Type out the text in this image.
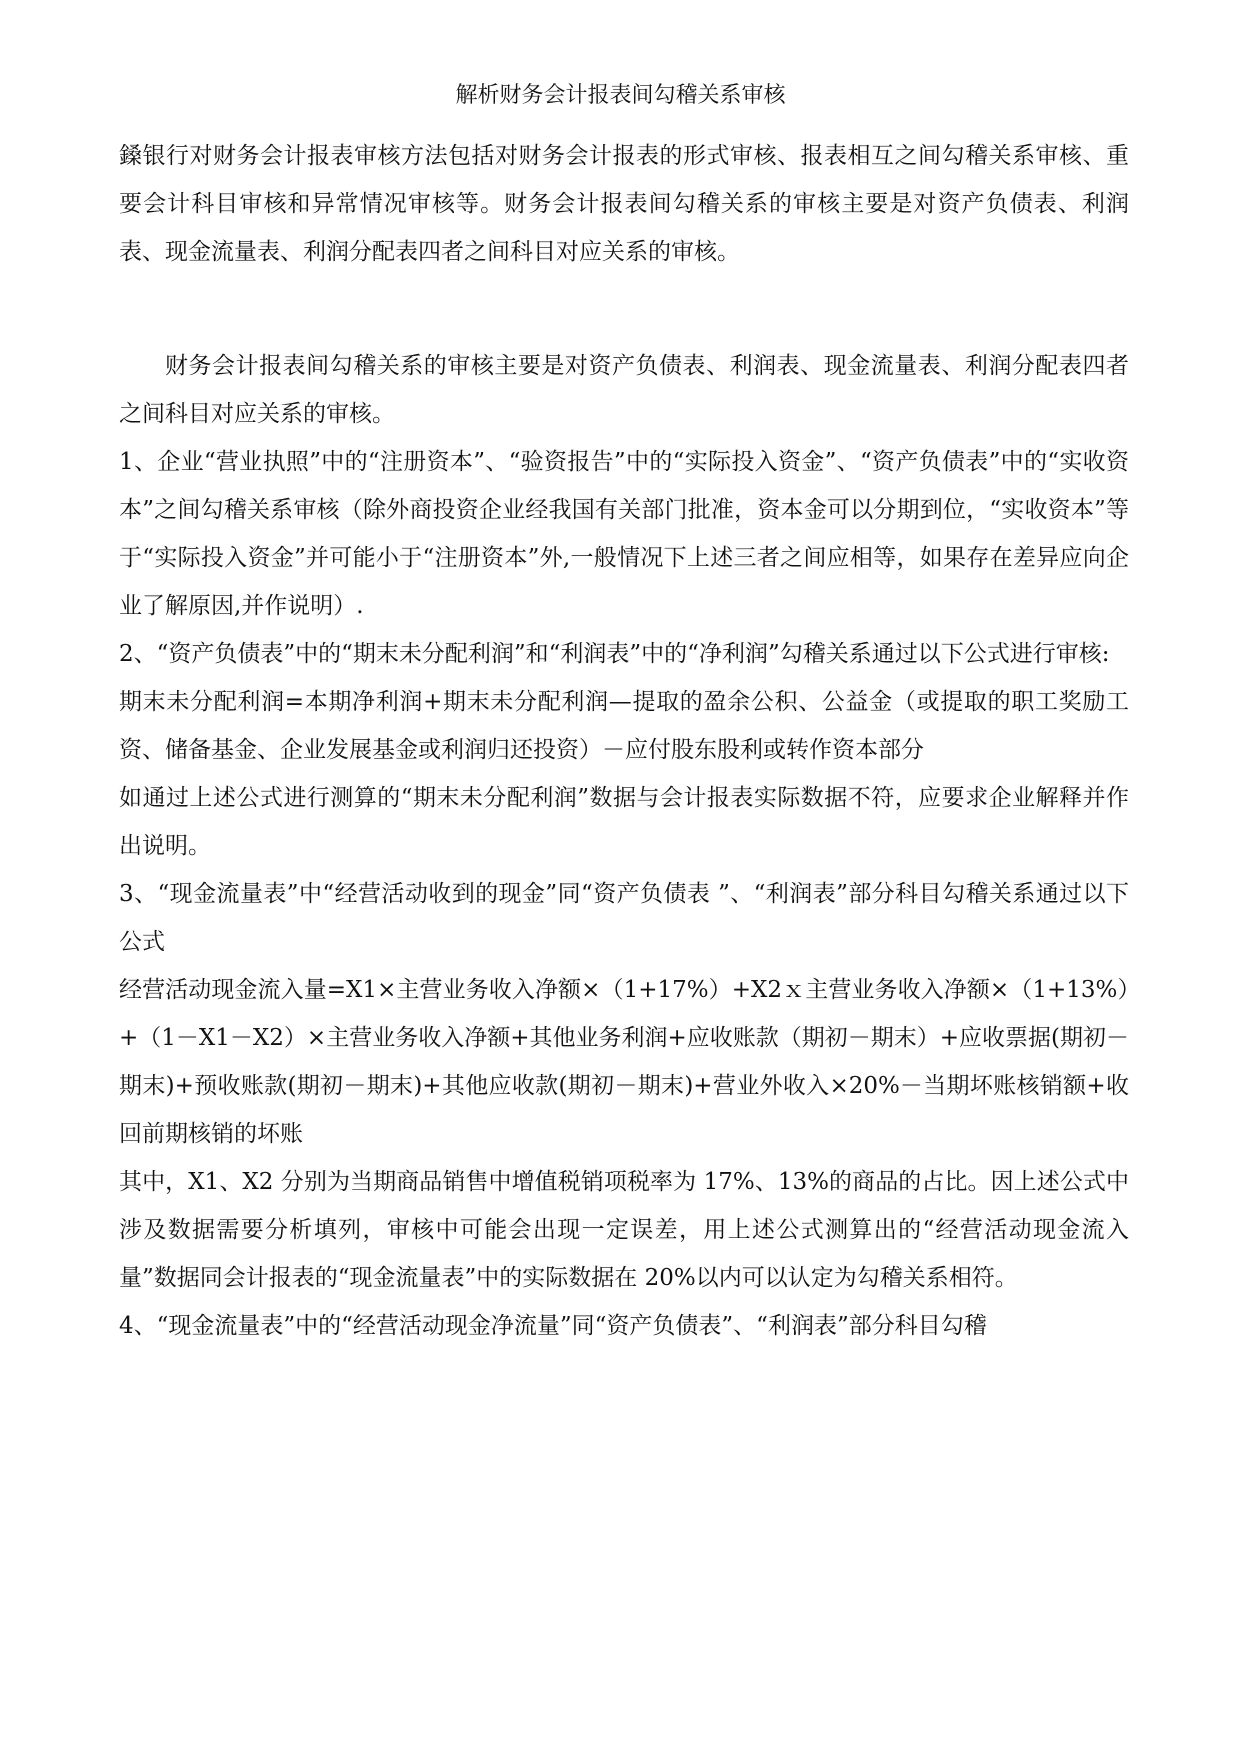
解析财务会计报表间勾稽关系审核

鎟银行对财务会计报表审核方法包括对财务会计报表的形式审核、报表相互之间勾稽关系审核、重要会计科目审核和异常情况审核等。财务会计报表间勾稽关系的审核主要是对资产负债表、利润表、现金流量表、利润分配表四者之间科目对应关系的审核。

财务会计报表间勾稽关系的审核主要是对资产负债表、利润表、现金流量表、利润分配表四者之间科目对应关系的审核。

1、企业“营业执照”中的“注册资本”、“验资报告”中的“实际投入资金”、“资产负债表”中的“实收资本”之间勾稽关系审核（除外商投资企业经我国有关部门批准，资本金可以分期到位，“实收资本”等于“实际投入资金”并可能小于“注册资本”外,一般情况下上述三者之间应相等，如果存在差异应向企业了解原因,并作说明）.

2、“资产负债表”中的“期末未分配利润”和“利润表”中的“净利润”勾稽关系通过以下公式进行审核:

期末未分配利润=本期净利润+期末未分配利润—提取的盈余公积、公益金（或提取的职工奖励工资、储备基金、企业发展基金或利润归还投资）－应付股东股利或转作资本部分

如通过上述公式进行测算的“期末未分配利润”数据与会计报表实际数据不符，应要求企业解释并作出说明。

3、“现金流量表”中“经营活动收到的现金”同“资产负债表 ”、“利润表”部分科目勾稽关系通过以下公式

经营活动现金流入量=X1×主营业务收入净额×（1+17%）+X2ｘ主营业务收入净额×（1+13%）+（1－X1－X2）×主营业务收入净额+其他业务利润+应收账款（期初－期末）+应收票据(期初－期末)+预收账款(期初－期末)+其他应收款(期初－期末)+营业外收入×20%－当期坏账核销额+收回前期核销的坏账

其中，X1、X2 分别为当期商品销售中增值税销项税率为 17%、13%的商品的占比。因上述公式中涉及数据需要分析填列，审核中可能会出现一定误差，用上述公式测算出的“经营活动现金流入量”数据同会计报表的“现金流量表”中的实际数据在 20%以内可以认定为勾稽关系相符。

4、“现金流量表”中的“经营活动现金净流量”同“资产负债表”、“利润表”部分科目勾稽
